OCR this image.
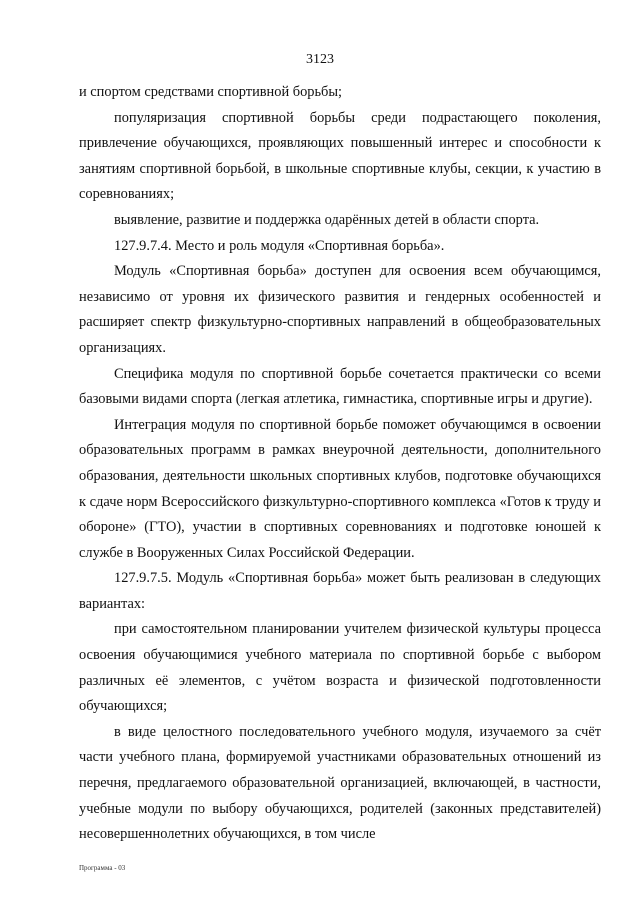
3123

и спортом средствами спортивной борьбы;

популяризация спортивной борьбы среди подрастающего поколения, привлечение обучающихся, проявляющих повышенный интерес и способности к занятиям спортивной борьбой, в школьные спортивные клубы, секции, к участию в соревнованиях;

выявление, развитие и поддержка одарённых детей в области спорта.

127.9.7.4. Место и роль модуля «Спортивная борьба».

Модуль «Спортивная борьба» доступен для освоения всем обучающимся, независимо от уровня их физического развития и гендерных особенностей и расширяет спектр физкультурно-спортивных направлений в общеобразовательных организациях.

Специфика модуля по спортивной борьбе сочетается практически со всеми базовыми видами спорта (легкая атлетика, гимнастика, спортивные игры и другие).

Интеграция модуля по спортивной борьбе поможет обучающимся в освоении образовательных программ в рамках внеурочной деятельности, дополнительного образования, деятельности школьных спортивных клубов, подготовке обучающихся к сдаче норм Всероссийского физкультурно-спортивного комплекса «Готов к труду и обороне» (ГТО), участии в спортивных соревнованиях и подготовке юношей к службе в Вооруженных Силах Российской Федерации.

127.9.7.5. Модуль «Спортивная борьба» может быть реализован в следующих вариантах:

при самостоятельном планировании учителем физической культуры процесса освоения обучающимися учебного материала по спортивной борьбе с выбором различных её элементов, с учётом возраста и физической подготовленности обучающихся;

в виде целостного последовательного учебного модуля, изучаемого за счёт части учебного плана, формируемой участниками образовательных отношений из перечня, предлагаемого образовательной организацией, включающей, в частности, учебные модули по выбору обучающихся, родителей (законных представителей) несовершеннолетних обучающихся, в том числе

Программа - 03
